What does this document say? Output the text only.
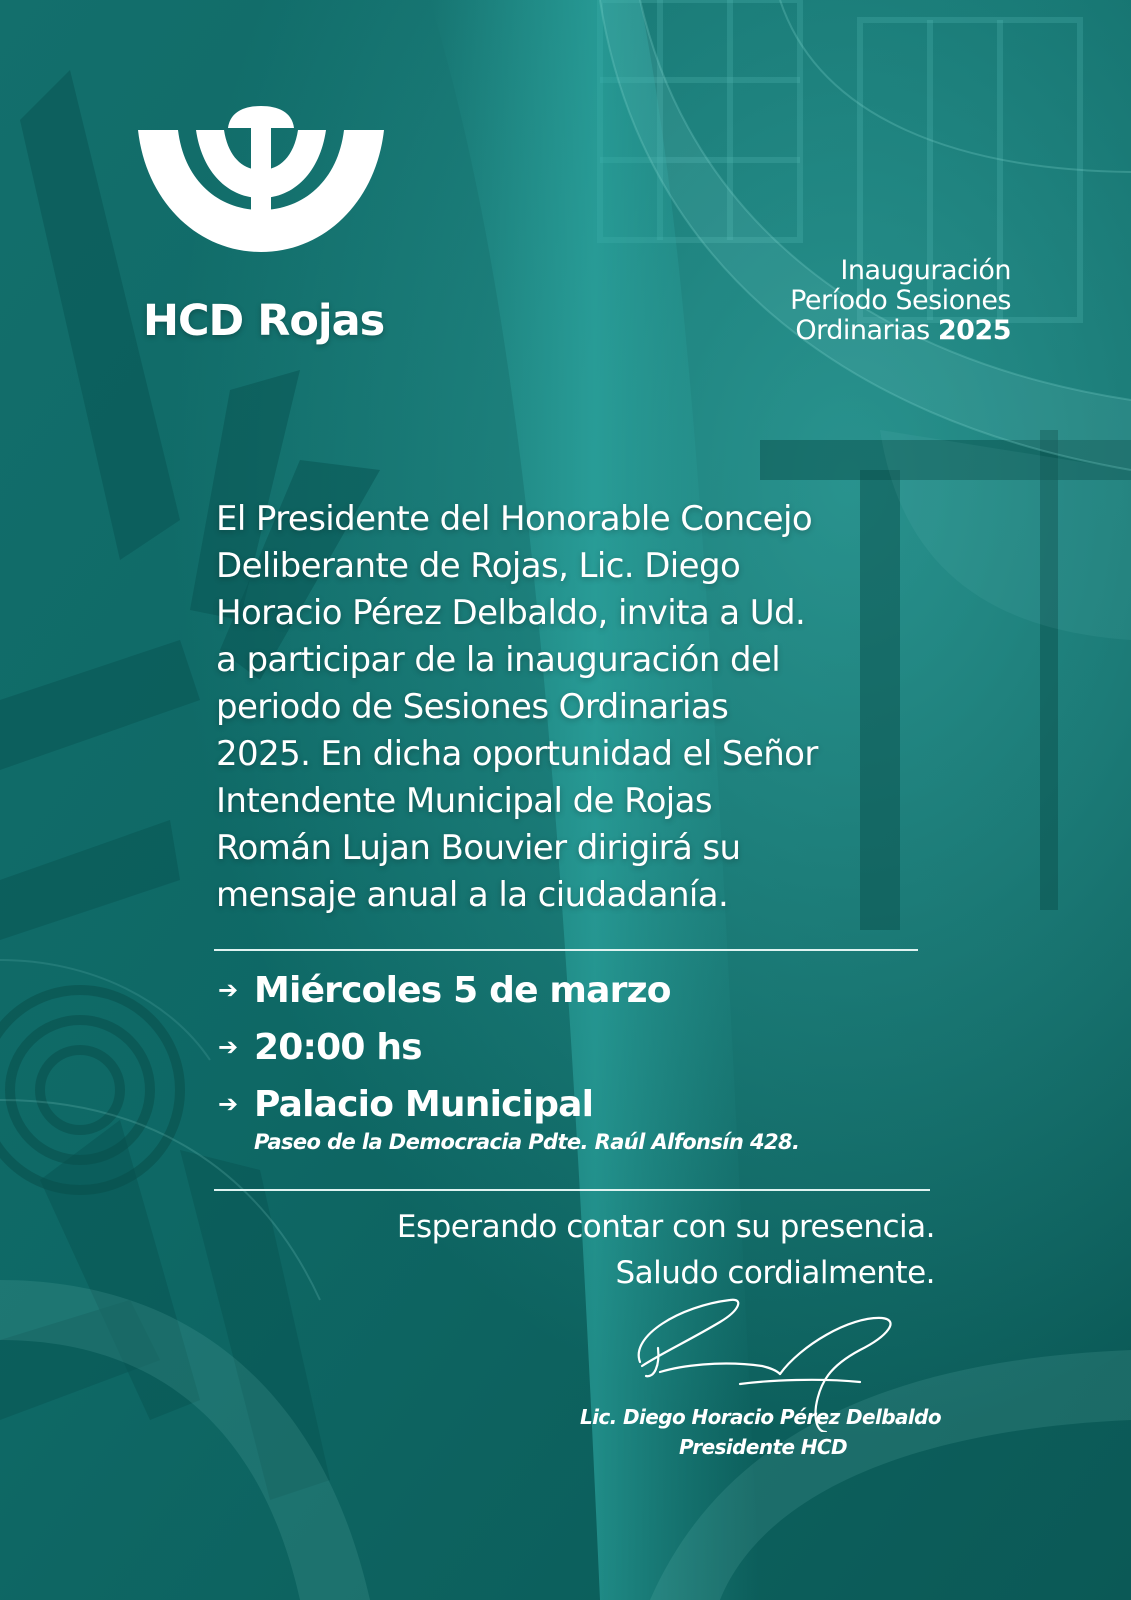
HCD Rojas
Inauguración
Período Sesiones
Ordinarias 2025
El Presidente del Honorable Concejo
Deliberante de Rojas, Lic. Diego
Horacio Pérez Delbaldo, invita a Ud.
a participar de la inauguración del
periodo de Sesiones Ordinarias
2025. En dicha oportunidad el Señor
Intendente Municipal de Rojas
Román Lujan Bouvier dirigirá su
mensaje anual a la ciudadanía.
➔ Miércoles 5 de marzo
➔ 20:00 hs
➔ Palacio Municipal
Paseo de la Democracia Pdte. Raúl Alfonsín 428.
Esperando contar con su presencia.
Saludo cordialmente.
Lic. Diego Horacio Pérez Delbaldo
Presidente HCD
